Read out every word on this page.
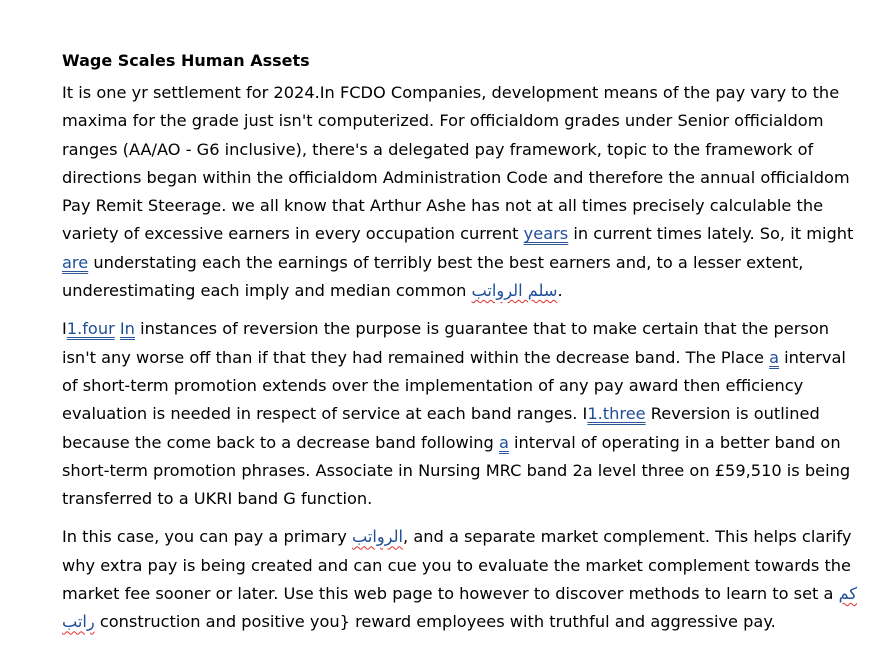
Wage Scales Human Assets

It is one yr settlement for 2024.In FCDO Companies, development means of the pay vary to the maxima for the grade just isn't computerized. For officialdom grades under Senior officialdom ranges (AA/AO - G6 inclusive), there's a delegated pay framework, topic to the framework of directions began within the officialdom Administration Code and therefore the annual officialdom Pay Remit Steerage. we all know that Arthur Ashe has not at all times precisely calculable the variety of excessive earners in every occupation current years in current times lately. So, it might are understating each the earnings of terribly best the best earners and, to a lesser extent, underestimating each imply and median common سلم الرواتب.

I1.four In instances of reversion the purpose is guarantee that to make certain that the person isn't any worse off than if that they had remained within the decrease band. The Place a interval of short-term promotion extends over the implementation of any pay award then efficiency evaluation is needed in respect of service at each band ranges. I1.three Reversion is outlined because the come back to a decrease band following a interval of operating in a better band on short-term promotion phrases. Associate in Nursing MRC band 2a level three on £59,510 is being transferred to a UKRI band G function.

In this case, you can pay a primary الرواتب, and a separate market complement. This helps clarify why extra pay is being created and can cue you to evaluate the market complement towards the market fee sooner or later. Use this web page to however to discover methods to learn to set a كم راتب construction and positive you} reward employees with truthful and aggressive pay.
